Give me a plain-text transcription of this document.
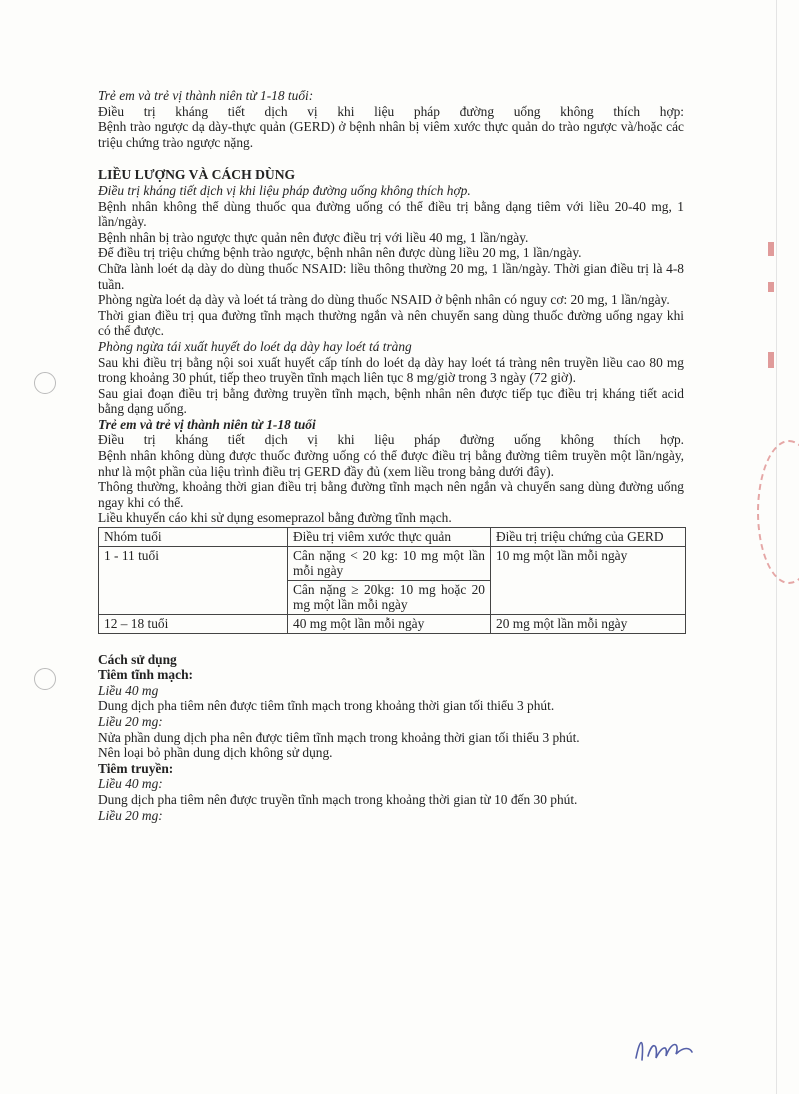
Trẻ em và trẻ vị thành niên từ 1-18 tuổi:

Điều trị kháng tiết dịch vị khi liệu pháp đường uống không thích hợp:

Bệnh trào ngược dạ dày-thực quản (GERD) ở bệnh nhân bị viêm xước thực quản do trào ngược và/hoặc các triệu chứng trào ngược nặng.

LIỀU LƯỢNG VÀ CÁCH DÙNG

Điều trị kháng tiết dịch vị khi liệu pháp đường uống không thích hợp.

Bệnh nhân không thể dùng thuốc qua đường uống có thể điều trị bằng dạng tiêm với liều 20-40 mg, 1 lần/ngày.

Bệnh nhân bị trào ngược thực quản nên được điều trị với liều 40 mg, 1 lần/ngày.

Để điều trị triệu chứng bệnh trào ngược, bệnh nhân nên được dùng liều 20 mg, 1 lần/ngày.

Chữa lành loét dạ dày do dùng thuốc NSAID: liều thông thường 20 mg, 1 lần/ngày. Thời gian điều trị là 4-8 tuần.

Phòng ngừa loét dạ dày và loét tá tràng do dùng thuốc NSAID ở bệnh nhân có nguy cơ: 20 mg, 1 lần/ngày.

Thời gian điều trị qua đường tĩnh mạch thường ngắn và nên chuyển sang dùng thuốc đường uống ngay khi có thể được.

Phòng ngừa tái xuất huyết do loét dạ dày hay loét tá tràng

Sau khi điều trị bằng nội soi xuất huyết cấp tính do loét dạ dày hay loét tá tràng nên truyền liều cao 80 mg trong khoảng 30 phút, tiếp theo truyền tĩnh mạch liên tục 8 mg/giờ trong 3 ngày (72 giờ).

Sau giai đoạn điều trị bằng đường truyền tĩnh mạch, bệnh nhân nên được tiếp tục điều trị kháng tiết acid bằng dạng uống.

Trẻ em và trẻ vị thành niên từ 1-18 tuổi

Điều trị kháng tiết dịch vị khi liệu pháp đường uống không thích hợp.

Bệnh nhân không dùng được thuốc đường uống có thể được điều trị bằng đường tiêm truyền một lần/ngày, như là một phần của liệu trình điều trị GERD đầy đủ (xem liều trong bảng dưới đây).

Thông thường, khoảng thời gian điều trị bằng đường tĩnh mạch nên ngắn và chuyển sang dùng đường uống ngay khi có thể.

Liều khuyến cáo khi sử dụng esomeprazol bằng đường tĩnh mạch.

Nhóm tuổi	Điều trị viêm xước thực quản	Điều trị triệu chứng của GERD
1 - 11 tuổi	Cân nặng < 20 kg: 10 mg một lần mỗi ngày	10 mg một lần mỗi ngày
	Cân nặng ≥ 20kg: 10 mg hoặc 20 mg một lần mỗi ngày	
12 – 18 tuổi	40 mg một lần mỗi ngày	20 mg một lần mỗi ngày

Cách sử dụng

Tiêm tĩnh mạch:

Liều 40 mg

Dung dịch pha tiêm nên được tiêm tĩnh mạch trong khoảng thời gian tối thiểu 3 phút.

Liều 20 mg:

Nửa phần dung dịch pha nên được tiêm tĩnh mạch trong khoảng thời gian tối thiểu 3 phút.

Nên loại bỏ phần dung dịch không sử dụng.

Tiêm truyền:

Liều 40 mg:

Dung dịch pha tiêm nên được truyền tĩnh mạch trong khoảng thời gian từ 10 đến 30 phút.

Liều 20 mg:
